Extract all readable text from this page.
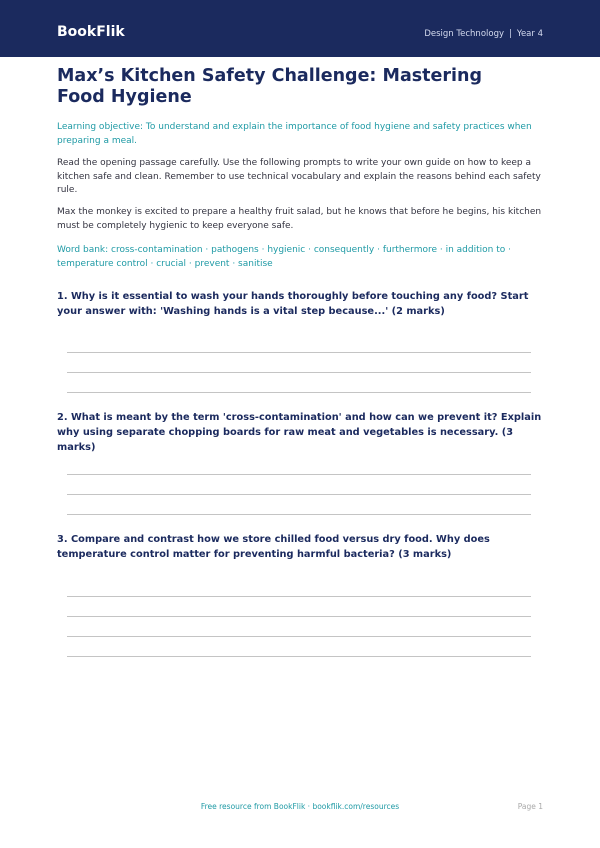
BookFlik	Design Technology | Year 4
Max’s Kitchen Safety Challenge: Mastering Food Hygiene
Learning objective: To understand and explain the importance of food hygiene and safety practices when preparing a meal.
Read the opening passage carefully. Use the following prompts to write your own guide on how to keep a kitchen safe and clean. Remember to use technical vocabulary and explain the reasons behind each safety rule.
Max the monkey is excited to prepare a healthy fruit salad, but he knows that before he begins, his kitchen must be completely hygienic to keep everyone safe.
Word bank: cross-contamination · pathogens · hygienic · consequently · furthermore · in addition to · temperature control · crucial · prevent · sanitise
1. Why is it essential to wash your hands thoroughly before touching any food? Start your answer with: 'Washing hands is a vital step because...' (2 marks)
2. What is meant by the term 'cross-contamination' and how can we prevent it? Explain why using separate chopping boards for raw meat and vegetables is necessary. (3 marks)
3. Compare and contrast how we store chilled food versus dry food. Why does temperature control matter for preventing harmful bacteria? (3 marks)
Free resource from BookFlik · bookflik.com/resources	Page 1
